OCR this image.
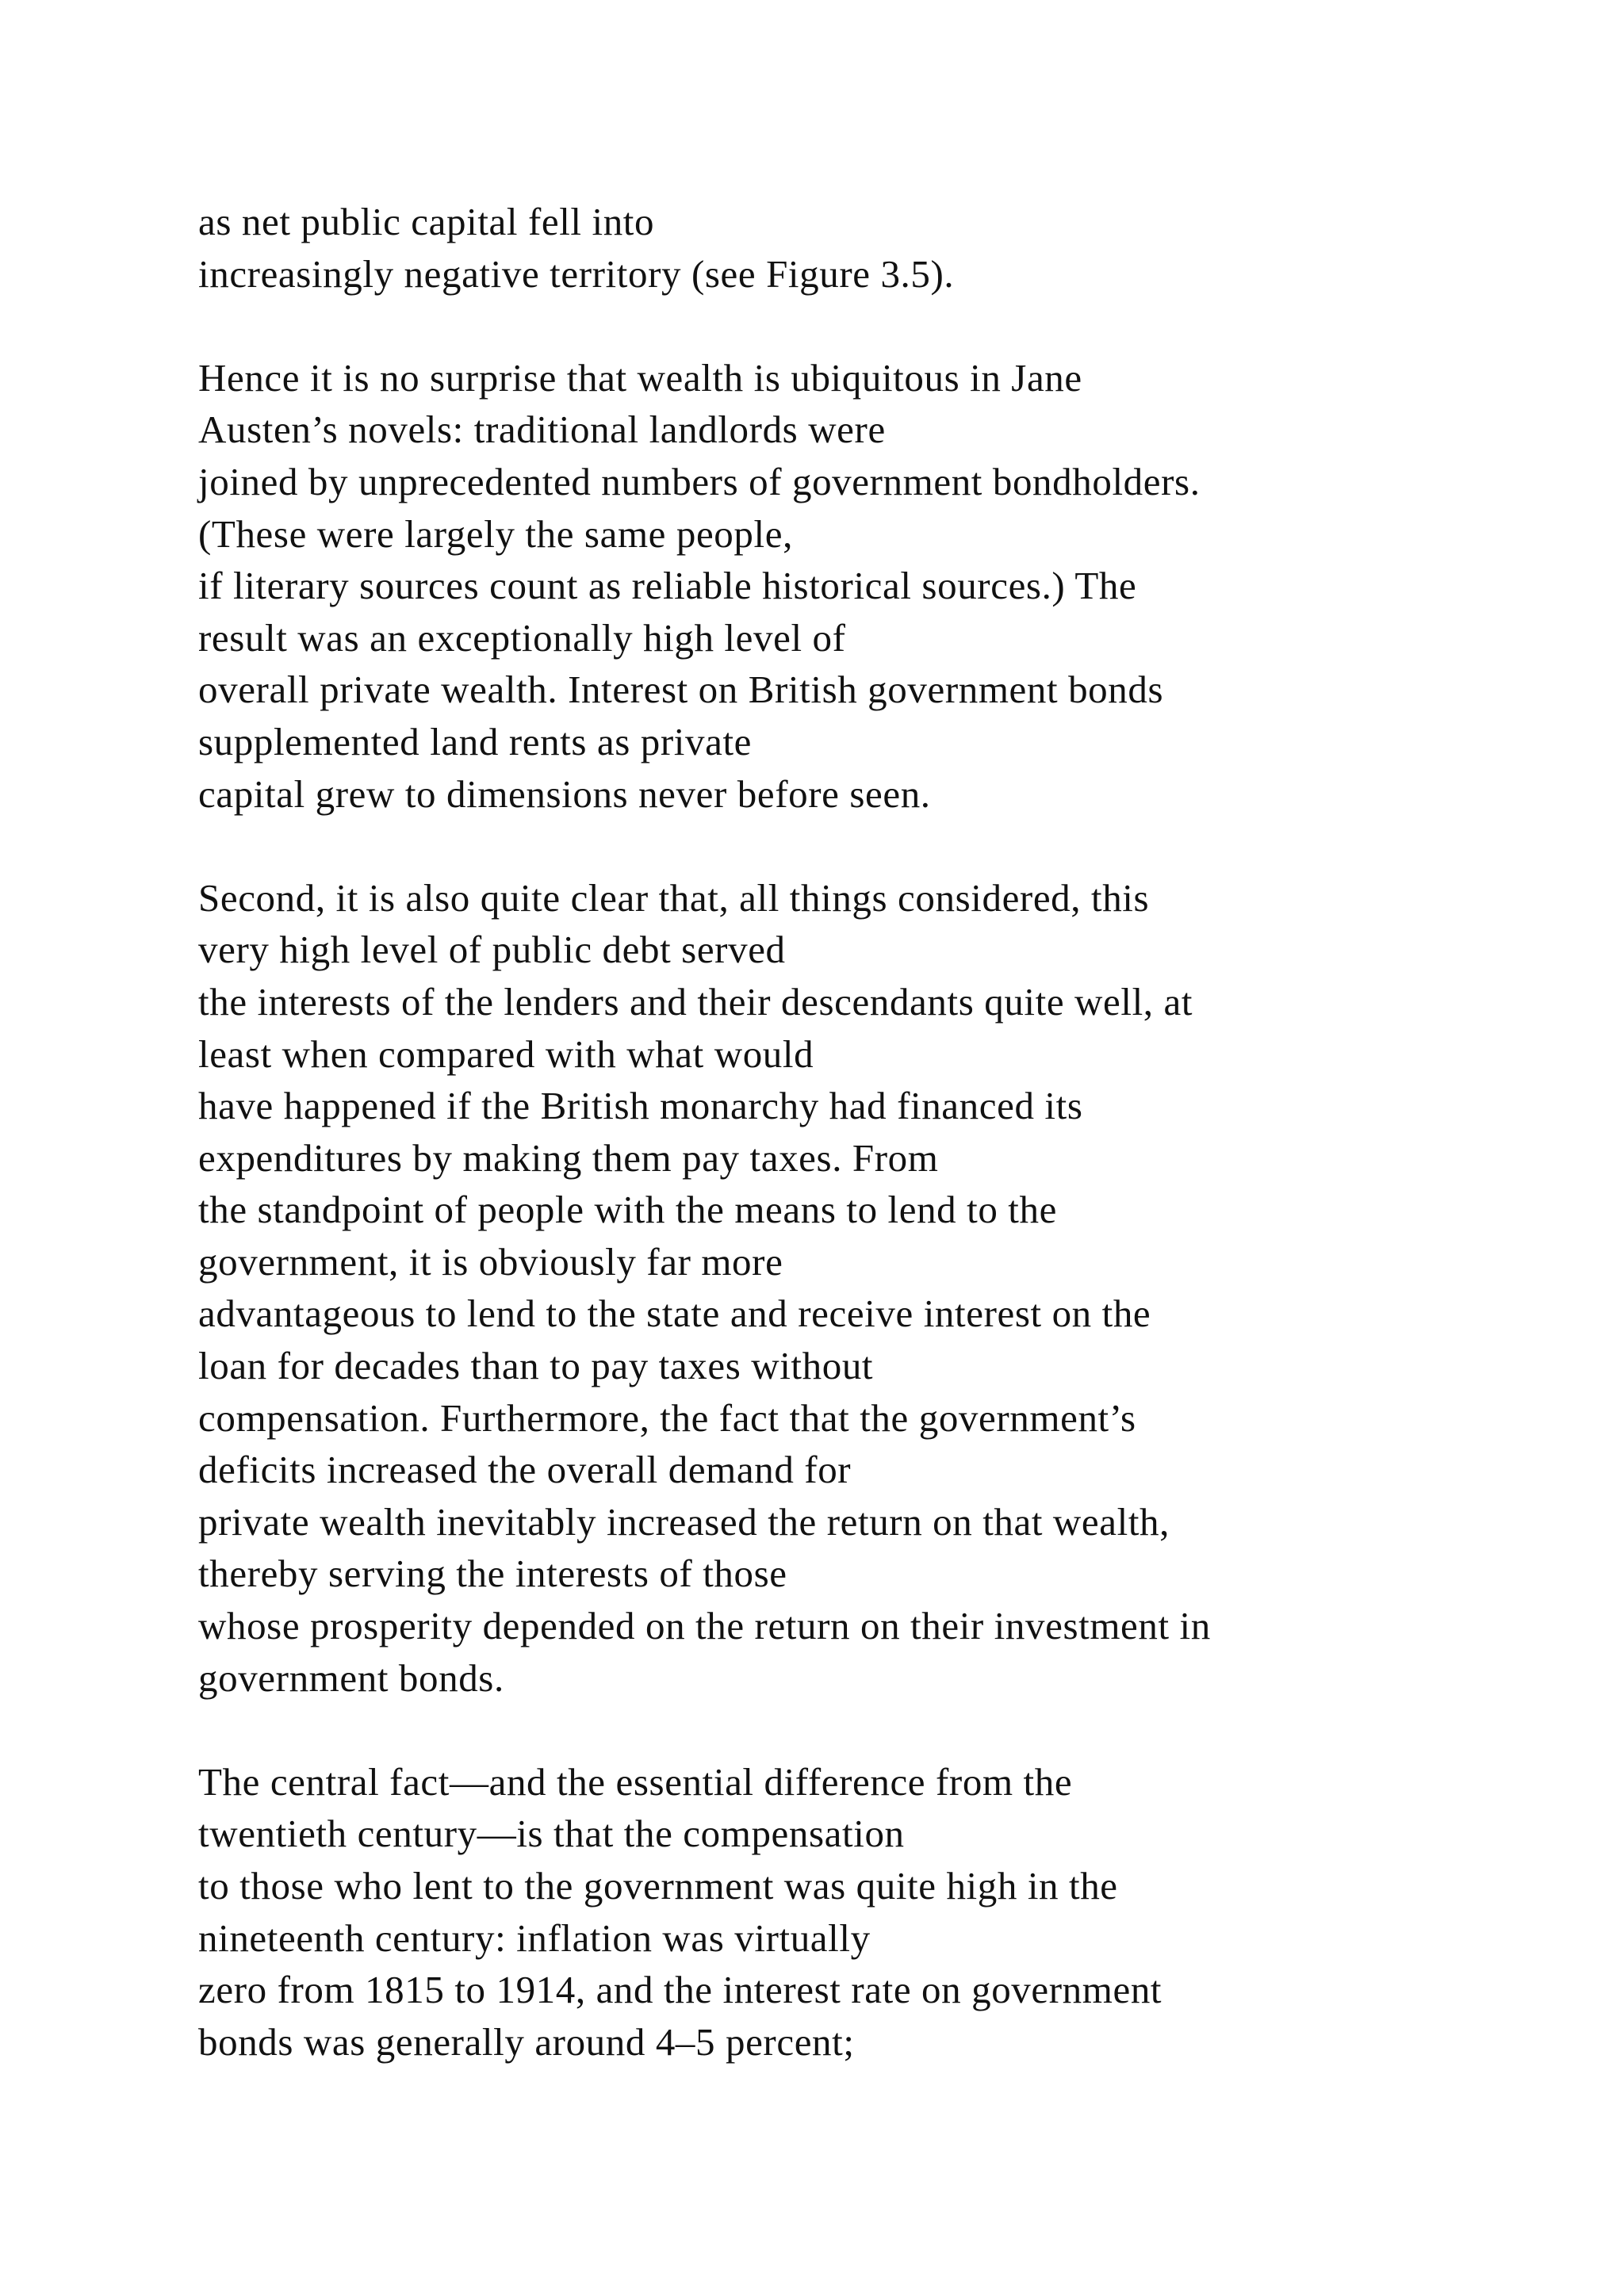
as net public capital fell into
increasingly negative territory (see Figure 3.5).
Hence it is no surprise that wealth is ubiquitous in Jane
Austen’s novels: traditional landlords were
joined by unprecedented numbers of government bondholders.
(These were largely the same people,
if literary sources count as reliable historical sources.) The
result was an exceptionally high level of
overall private wealth. Interest on British government bonds
supplemented land rents as private
capital grew to dimensions never before seen.
Second, it is also quite clear that, all things considered, this
very high level of public debt served
the interests of the lenders and their descendants quite well, at
least when compared with what would
have happened if the British monarchy had financed its
expenditures by making them pay taxes. From
the standpoint of people with the means to lend to the
government, it is obviously far more
advantageous to lend to the state and receive interest on the
loan for decades than to pay taxes without
compensation. Furthermore, the fact that the government’s
deficits increased the overall demand for
private wealth inevitably increased the return on that wealth,
thereby serving the interests of those
whose prosperity depended on the return on their investment in
government bonds.
The central fact—and the essential difference from the
twentieth century—is that the compensation
to those who lent to the government was quite high in the
nineteenth century: inflation was virtually
zero from 1815 to 1914, and the interest rate on government
bonds was generally around 4–5 percent;
